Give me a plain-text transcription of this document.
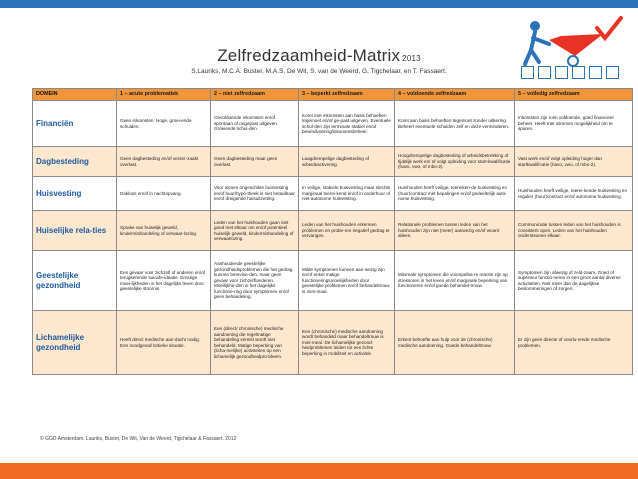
Zelfredzaamheid-Matrix 2013
S.Lauriks, M.C.A. Buster, M.A.S. De Wit, S. van de Weerd, G. Tigchelaar, en T. Fassaert.
DOMEIN	1 – acute problematiek	2 – niet zelfredzaam	3 – beperkt zelfredzaam	4 – voldoende zelfredzaam	5 – volledig zelfredzaam
Financiën	Geen inkomsten. Hoge, groei-ende schulden.	Onvoldoende inkomsten en/of spontaan of ongepast uitgeven. Groeiende schul-den.	Komt met inkomsten aan basis behoeften tegemoet en/of ge-past uitgeven. Eventuele schul-den zijn terminale stabiel en/of bewindvoering/inkomensbeheer.	Komt aan basis behoeften tegemoet zonder uitkering. Beheert eventuele schulden zelf en deze verminderen.	Inkomsten zijn ruim voldoende, goed financieel beheer. Heeft met inkomen mogelijkheid om te sparen.
Dagbesteding	Geen dagbesteding en/of verzer-zaakt overlast.	Geen dagbesteding maar geen overlast.	Laagdrempelige dagbesteding of arbeidsactivering.	Hoogdrempelige dagbesteding of arbeidsbetrekking of tijdelijk werk en/ of volgt opleiding voor start-kwalificatie (havo, vwo, of mbo-2).	Vast werk en/of volgt opleiding hoger dan startkwalificatie (havo, vwo, of mbo-2).
Huisvesting	Dakloos en/of in nachtopvang.	Voor wonen ongeschikte huisvesting en/of huur/hypo-theek is niet betaalbaar en/of dreigende huisuitzetting.	In veilige, stabiele huisvesting maar slechts marginaal toerei-kend en/of in onderhuur of niet-autonome huisvesting.	Huishouden heeft veilige, toereiken-de huisvesting en (huur)contract met bepalingen en/of gedeeltelijk auto-nome huisvesting.	Huishouden heeft veilige, toerei-kende huisvesting en regulier (huur)contract en/of autonome huisvesting.
Huiselijke rela-ties	Sprake van huiselijk geweld, kindermishandeling of verwaar-lozing.	Leden van het huishouden gaan niet goed met elkaar om en/of potentieel huiselijk geweld, kindermishandeling of verwaarlozing.	Leden van het huishouden erkennen problemen en probe-ren negatief gedrag te vervangen.	Relationele problemen tussen leden van het huishouden zijn niet (meer) aanwezig en/of woont alleen.	Communicatie tussen leden van het huishouden is consistent open. Leden van het huishouden ondersteunen elkaar.
Geestelijke gezondheid	Een gevaar voor zichzelf of anderen en/of terugkerende suicide-ideatie. Ernstige moei-lijkheden in het dagelijks leven door geestelijke stoornis.	Aanhoudende geestelijke gezondheidsproblemen die het gedrag kunnen beïnvloe-den, maar geen gevaar voor zichzelf/anderen. Moeilijkhe-den in het dagelijks functione-ring door symptomen en/of geen behandeling.	Milde symptomen kunnen aan-wezig zijn en/of enkel matige functioneringsmoeilijkheden door geestelijke problemen en/of behandeltrouw is mini-maal.	Minimale symptomen die voorspelba-re reactie zijn op stressoren in het leven en/of marginale beperking van functioneren en/of goede behandel-trouw.	Symptomen zijn afwezig of zeld-zaam. Goed of superieur functio-neren in een groot aantal diverse activiteiten. Niet meer dan de dagelijkse beslommeringen of zorgen.
Lichamelijke gezondheid	Heeft direct medische aan-dacht nodig. Een noodgeval/ kritieke situatie.	Een (direct/ chronische) medische aandoening die regelmatige behandeling vereist wordt niet behandeld. Matige beperking van (licha-melijke) activiteiten op een lichamelijk gezondheidpro-bleem.	Een (chronische) medische aandoening wordt behandeld maar behandeltrouw is mini-meal. De lichamelijke gezond-heidproblemen leiden tot een lichte beperking in mobiliteit en activiteit.	Erkent behoefte aan hulp voor de (chronische) medische aandoening. Goede behandeltrouw.	Er zijn geen directe of voorlu-rende medische problemen.
© GGD Amsterdam. Lauriks, Buster, De Wit, Van de Weerd, Tigchelaar & Fassaert. 2012
